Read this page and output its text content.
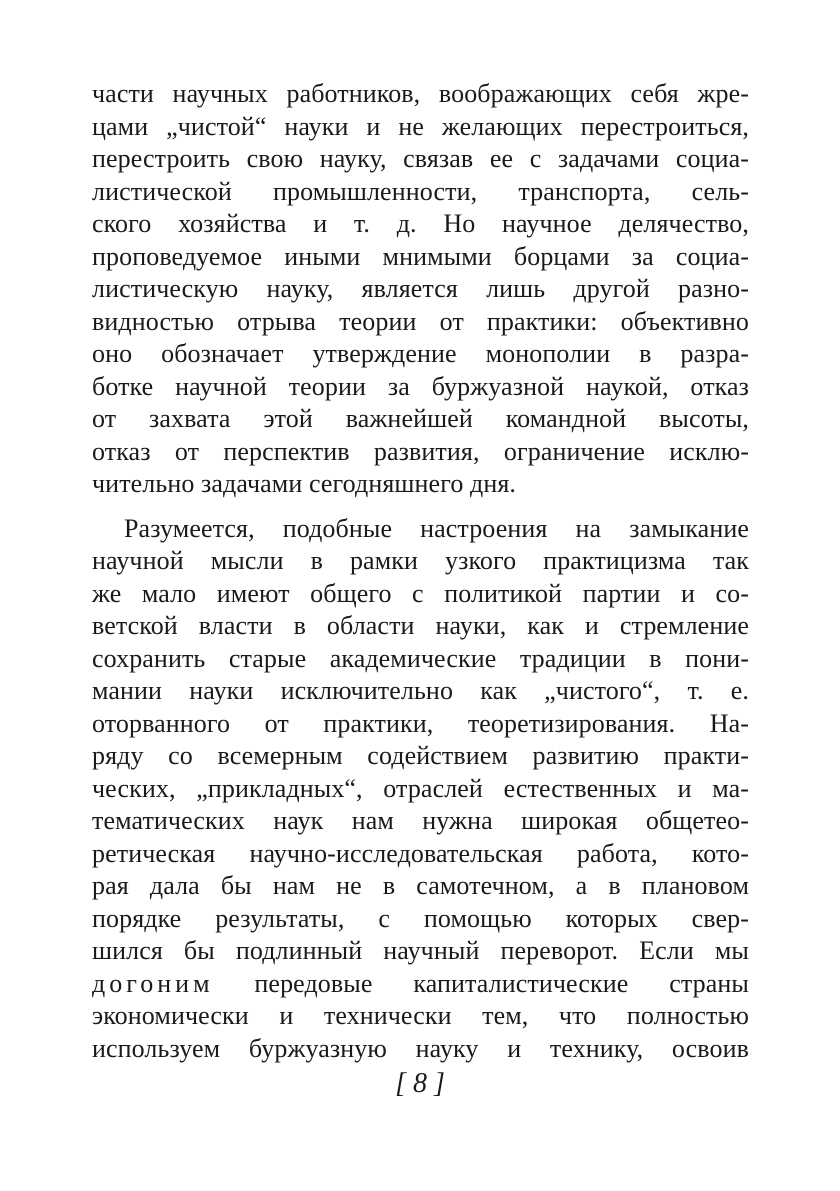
части научных работников, воображающих себя жре-
цами „чистой“ науки и не желающих перестроиться,
перестроить свою науку, связав ее с задачами социа-
листической промышленности, транспорта, сель-
ского хозяйства и т. д. Но научное делячество,
проповедуемое иными мнимыми борцами за социа-
листическую науку, является лишь другой разно-
видностью отрыва теории от практики: объективно
оно обозначает утверждение монополии в разра-
ботке научной теории за буржуазной наукой, отказ
от захвата этой важнейшей командной высоты,
отказ от перспектив развития, ограничение исклю-
чительно задачами сегодняшнего дня.
Разумеется, подобные настроения на замыкание
научной мысли в рамки узкого практицизма так
же мало имеют общего с политикой партии и со-
ветской власти в области науки, как и стремление
сохранить старые академические традиции в пони-
мании науки исключительно как „чистого“, т. е.
оторванного от практики, теоретизирования. На-
ряду со всемерным содействием развитию практи-
ческих, „прикладных“, отраслей естественных и ма-
тематических наук нам нужна широкая общетео-
ретическая научно-исследовательская работа, кото-
рая дала бы нам не в самотечном, а в плановом
порядке результаты, с помощью которых свер-
шился бы подлинный научный переворот. Если мы
догоним передовые капиталистические страны
экономически и технически тем, что полностью
используем буржуазную науку и технику, освоив
[ 8 ]
